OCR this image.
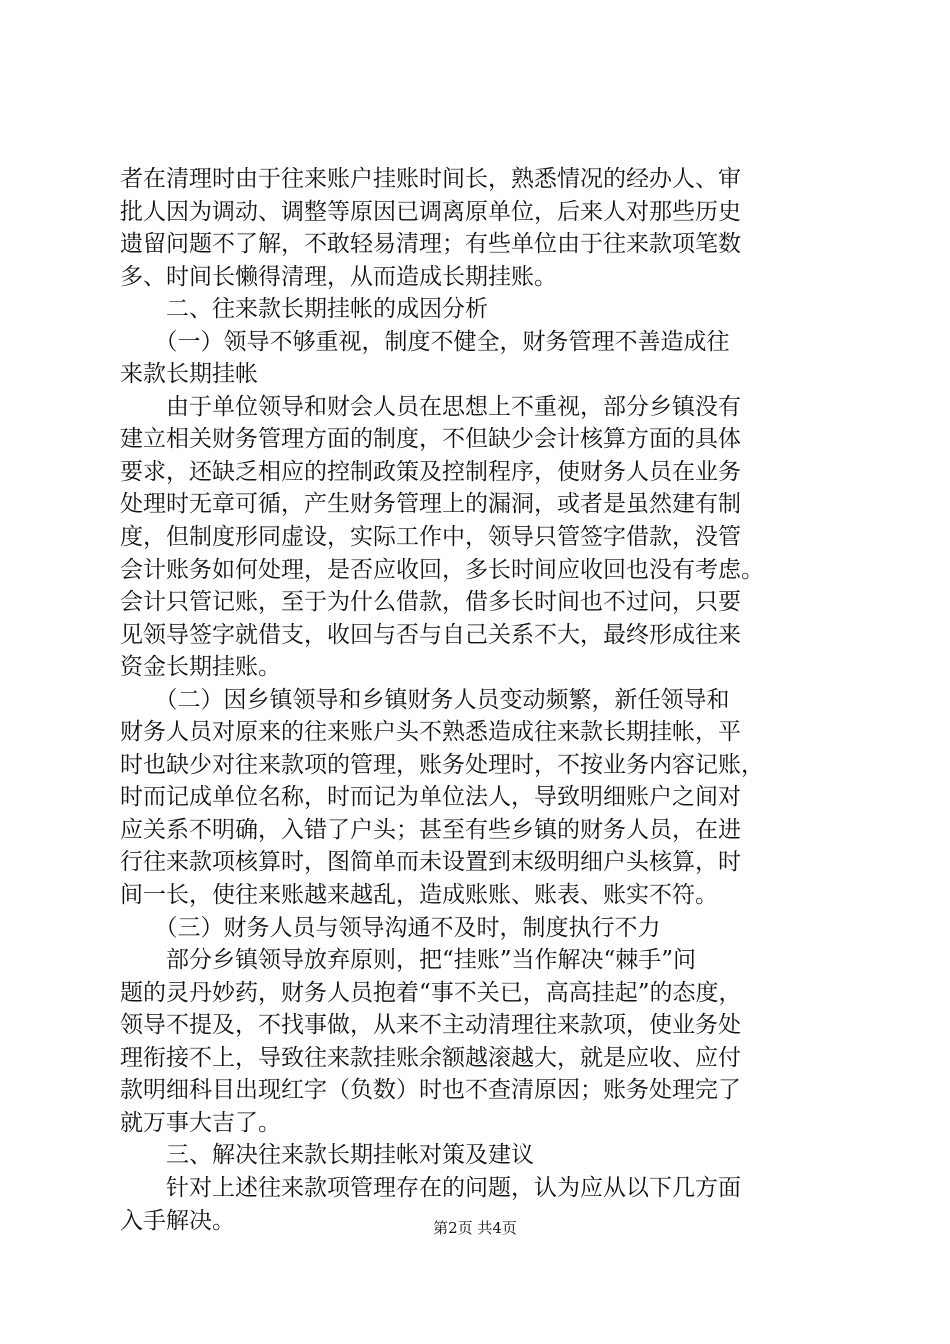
者在清理时由于往来账户挂账时间长，熟悉情况的经办人、审
批人因为调动、调整等原因已调离原单位，后来人对那些历史
遗留问题不了解，不敢轻易清理；有些单位由于往来款项笔数
多、时间长懒得清理，从而造成长期挂账。
　　二、往来款长期挂帐的成因分析
　　（一）领导不够重视，制度不健全，财务管理不善造成往
来款长期挂帐
　　由于单位领导和财会人员在思想上不重视，部分乡镇没有
建立相关财务管理方面的制度，不但缺少会计核算方面的具体
要求，还缺乏相应的控制政策及控制程序，使财务人员在业务
处理时无章可循，产生财务管理上的漏洞，或者是虽然建有制
度，但制度形同虚设，实际工作中，领导只管签字借款，没管
会计账务如何处理，是否应收回，多长时间应收回也没有考虑。
会计只管记账，至于为什么借款，借多长时间也不过问，只要
见领导签字就借支，收回与否与自己关系不大，最终形成往来
资金长期挂账。
　　（二）因乡镇领导和乡镇财务人员变动频繁，新任领导和
财务人员对原来的往来账户头不熟悉造成往来款长期挂帐，平
时也缺少对往来款项的管理，账务处理时，不按业务内容记账，
时而记成单位名称，时而记为单位法人，导致明细账户之间对
应关系不明确，入错了户头；甚至有些乡镇的财务人员，在进
行往来款项核算时，图简单而未设置到末级明细户头核算，时
间一长，使往来账越来越乱，造成账账、账表、账实不符。
　　（三）财务人员与领导沟通不及时，制度执行不力
　　部分乡镇领导放弃原则，把“挂账”当作解决“棘手”问
题的灵丹妙药，财务人员抱着“事不关已，高高挂起”的态度，
领导不提及，不找事做，从来不主动清理往来款项，使业务处
理衔接不上，导致往来款挂账余额越滚越大，就是应收、应付
款明细科目出现红字（负数）时也不查清原因；账务处理完了
就万事大吉了。
　　三、解决往来款长期挂帐对策及建议
　　针对上述往来款项管理存在的问题，认为应从以下几方面
入手解决。	第2页 共4页
